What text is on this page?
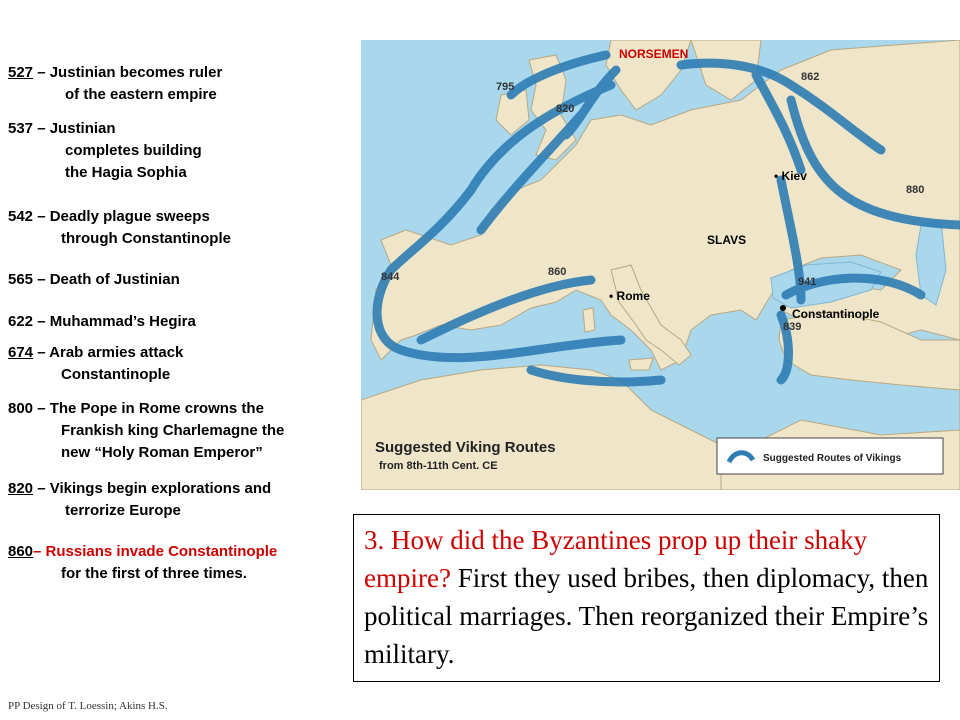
527 – Justinian becomes ruler
of the eastern empire
537 – Justinian
completes building
the Hagia Sophia
542 – Deadly plague sweeps
through Constantinople
565 – Death of Justinian
622 – Muhammad’s Hegira
674 – Arab armies attack
Constantinople
800 – The Pope in Rome crowns the
Frankish king Charlemagne the
new “Holy Roman Emperor”
820 – Vikings begin explorations and
terrorize Europe
860– Russians invade Constantinople
for the first of three times.
795
820
862
880
844	860
941
839
NORSEMEN
• Kiev
SLAVS
• Rome
Constantinople
Suggested Viking Routes
from 8th-11th Cent. CE
Suggested Routes of Vikings
3. How did the Byzantines prop up their shaky empire? First they used bribes, then diplomacy, then political marriages. Then reorganized their Empire’s military.
PP Design of T. Loessin; Akins H.S.
